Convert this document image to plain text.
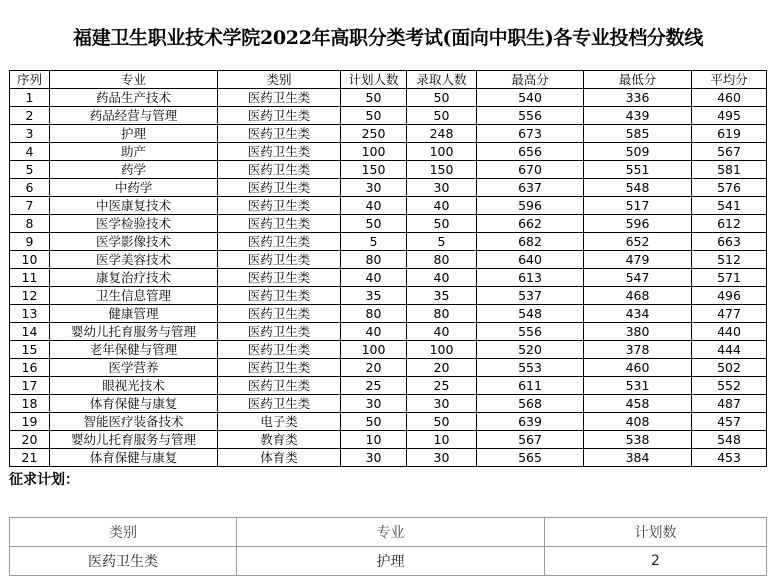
福建卫生职业技术学院2022年高职分类考试(面向中职生)各专业投档分数线
序列	专业	类别	计划人数	录取人数	最高分	最低分	平均分
1	药品生产技术	医药卫生类	50	50	540	336	460
2	药品经营与管理	医药卫生类	50	50	556	439	495
3	护理	医药卫生类	250	248	673	585	619
4	助产	医药卫生类	100	100	656	509	567
5	药学	医药卫生类	150	150	670	551	581
6	中药学	医药卫生类	30	30	637	548	576
7	中医康复技术	医药卫生类	40	40	596	517	541
8	医学检验技术	医药卫生类	50	50	662	596	612
9	医学影像技术	医药卫生类	5	5	682	652	663
10	医学美容技术	医药卫生类	80	80	640	479	512
11	康复治疗技术	医药卫生类	40	40	613	547	571
12	卫生信息管理	医药卫生类	35	35	537	468	496
13	健康管理	医药卫生类	80	80	548	434	477
14	婴幼儿托育服务与管理	医药卫生类	40	40	556	380	440
15	老年保健与管理	医药卫生类	100	100	520	378	444
16	医学营养	医药卫生类	20	20	553	460	502
17	眼视光技术	医药卫生类	25	25	611	531	552
18	体育保健与康复	医药卫生类	30	30	568	458	487
19	智能医疗装备技术	电子类	50	50	639	408	457
20	婴幼儿托育服务与管理	教育类	10	10	567	538	548
21	体育保健与康复	体育类	30	30	565	384	453
征求计划：
类别	专业	计划数
医药卫生类	护理	2
